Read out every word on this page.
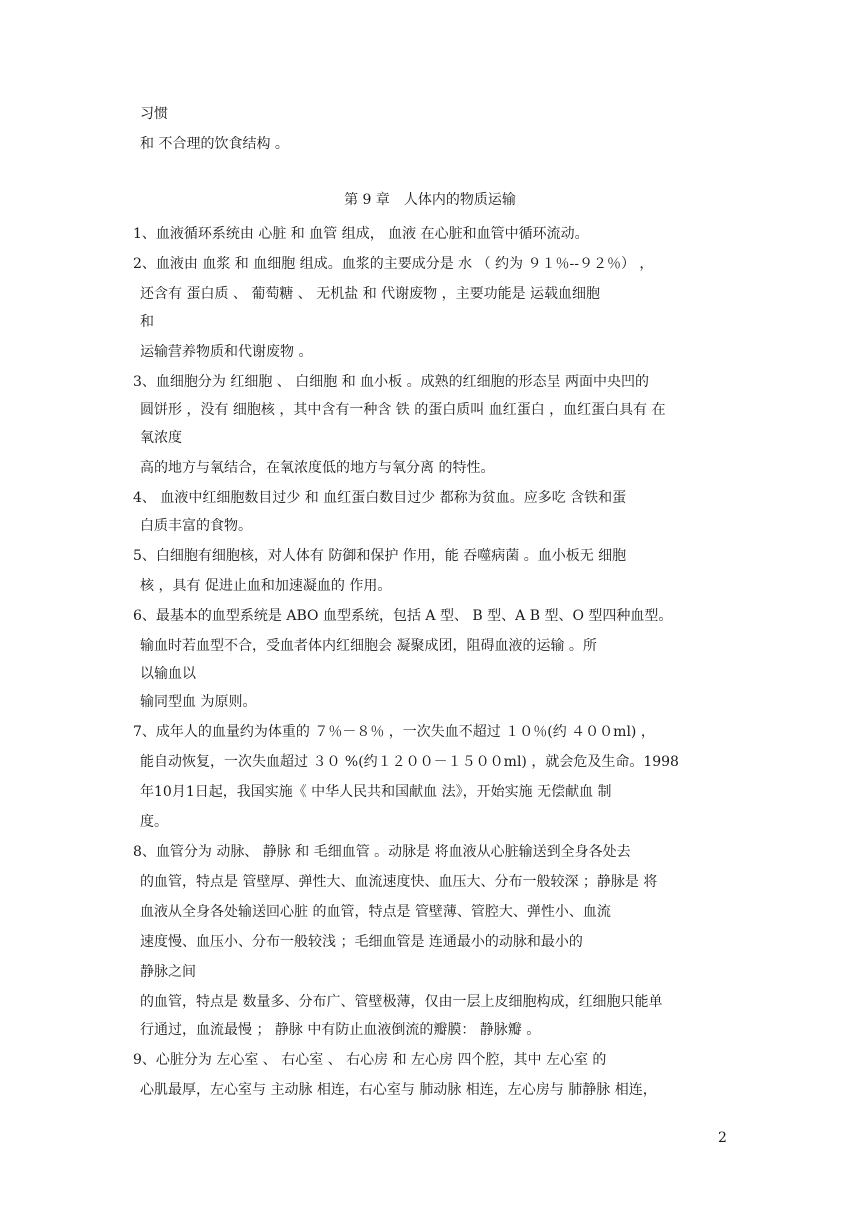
习惯
和 不合理的饮食结构 。
第 9 章　人体内的物质运输
1、血液循环系统由 心脏 和 血管 组成， 血液 在心脏和血管中循环流动。
2、血液由 血浆 和 血细胞 组成。血浆的主要成分是 水 （ 约为 ９１％--９２％） ，
还含有 蛋白质 、 葡萄糖 、 无机盐 和 代谢废物 ，主要功能是 运载血细胞
和
运输营养物质和代谢废物 。
3、血细胞分为 红细胞 、 白细胞 和 血小板 。成熟的红细胞的形态呈 两面中央凹的
圆饼形 ，没有 细胞核 ，其中含有一种含 铁 的蛋白质叫 血红蛋白 ，血红蛋白具有 在
氧浓度
高的地方与氧结合，在氧浓度低的地方与氧分离 的特性。
4、 血液中红细胞数目过少 和 血红蛋白数目过少 都称为贫血。应多吃 含铁和蛋
白质丰富的食物。
5、白细胞有细胞核，对人体有 防御和保护 作用，能 吞噬病菌 。血小板无 细胞
核 ，具有 促进止血和加速凝血的 作用。
6、最基本的血型系统是 ABO 血型系统，包括 A 型、 B 型、A B 型、O 型四种血型。
输血时若血型不合，受血者体内红细胞会 凝聚成团，阻碍血液的运输 。所
以输血以
输同型血 为原则。
7、成年人的血量约为体重的 ７％－８％ ，一次失血不超过 １０％(约 ４００ml) ，
能自动恢复，一次失血超过 ３０ %(约１２００－１５００ml) ，就会危及生命。1998
年10月1日起，我国实施《 中华人民共和国献血 法》，开始实施 无偿献血 制
度。
8、血管分为 动脉、 静脉 和 毛细血管 。动脉是 将血液从心脏输送到全身各处去
的血管，特点是 管壁厚、弹性大、血流速度快、血压大、分布一般较深 ；静脉是 将
血液从全身各处输送回心脏 的血管，特点是 管壁薄、管腔大、弹性小、血流
速度慢、血压小、分布一般较浅 ；毛细血管是 连通最小的动脉和最小的
静脉之间
的血管，特点是 数量多、分布广、管壁极薄，仅由一层上皮细胞构成，红细胞只能单
行通过，血流最慢 ； 静脉 中有防止血液倒流的瓣膜： 静脉瓣 。
9、心脏分为 左心室 、 右心室 、 右心房 和 左心房 四个腔，其中 左心室 的
心肌最厚，左心室与 主动脉 相连，右心室与 肺动脉 相连，左心房与 肺静脉 相连，
2
